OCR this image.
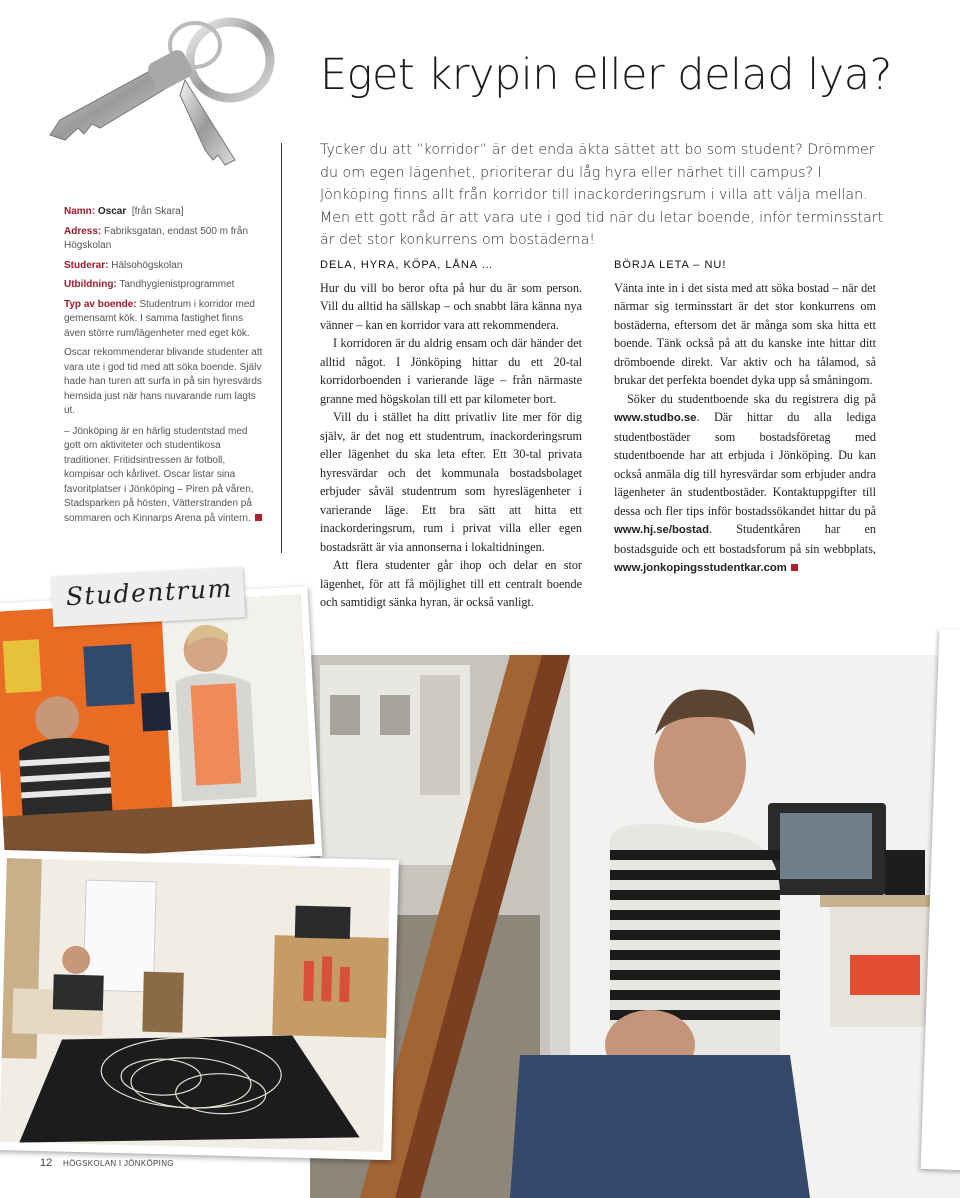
Eget krypin eller delad lya?

Tycker du att ”korridor” är det enda äkta sättet att bo som student? Drömmer du om egen lägenhet, prioriterar du låg hyra eller närhet till campus? I Jönköping finns allt från korridor till inackorderingsrum i villa att välja mellan. Men ett gott råd är att vara ute i god tid när du letar boende, inför terminsstart är det stor konkurrens om bostäderna!

Namn: Oscar [från Skara]
Adress: Fabriksgatan, endast 500 m från Högskolan
Studerar: Hälsohögskolan
Utbildning: Tandhygienistprogrammet
Typ av boende: Studentrum i korridor med gemensamt kök. I samma fastighet finns även större rum/lägenheter med eget kök.

Oscar rekommenderar blivande studenter att vara ute i god tid med att söka boende. Själv hade han turen att surfa in på sin hyresvärds hemsida just när hans nuvarande rum lagts ut.

– Jönköping är en härlig studentstad med gott om aktiviteter och studentikosa traditioner. Fritidsintressen är fotboll, kompisar och kårlivet. Oscar listar sina favoritplatser i Jönköping – Piren på våren, Stadsparken på hösten, Vätterstranden på sommaren och Kinnarps Arena på vintern.

DELA, HYRA, KÖPA, LÅNA …

Hur du vill bo beror ofta på hur du är som person. Vill du alltid ha sällskap – och snabbt lära känna nya vänner – kan en korridor vara att rekommendera.

I korridoren är du aldrig ensam och där händer det alltid något. I Jönköping hittar du ett 20-tal korridorboenden i varierande läge – från närmaste granne med högskolan till ett par kilometer bort.

Vill du i stället ha ditt privatliv lite mer för dig själv, är det nog ett studentrum, inackorderingsrum eller lägenhet du ska leta efter. Ett 30-tal privata hyresvärdar och det kommunala bostadsbolaget erbjuder såväl studentrum som hyreslägenheter i varierande läge. Ett bra sätt att hitta ett inackorderingsrum, rum i privat villa eller egen bostadsrätt är via annonserna i lokaltidningen.

Att flera studenter går ihop och delar en stor lägenhet, för att få möjlighet till ett centralt boende och samtidigt sänka hyran, är också vanligt.

BÖRJA LETA – NU!

Vänta inte in i det sista med att söka bostad – när det närmar sig terminsstart är det stor konkurrens om bostäderna, eftersom det är många som ska hitta ett boende. Tänk också på att du kanske inte hittar ditt drömboende direkt. Var aktiv och ha tålamod, så brukar det perfekta boendet dyka upp så småningom.

Söker du studentboende ska du registrera dig på www.studbo.se. Där hittar du alla lediga studentbostäder som bostadsföretag med studentboende har att erbjuda i Jönköping. Du kan också anmäla dig till hyresvärdar som erbjuder andra lägenheter än studentbostäder. Kontaktuppgifter till dessa och fler tips inför bostadssökandet hittar du på www.hj.se/bostad. Studentkåren har en bostadsguide och ett bostadsforum på sin webbplats, www.jonkopingsstudentkar.com

Studentrum
12 HÖGSKOLAN I JÖNKÖPING
